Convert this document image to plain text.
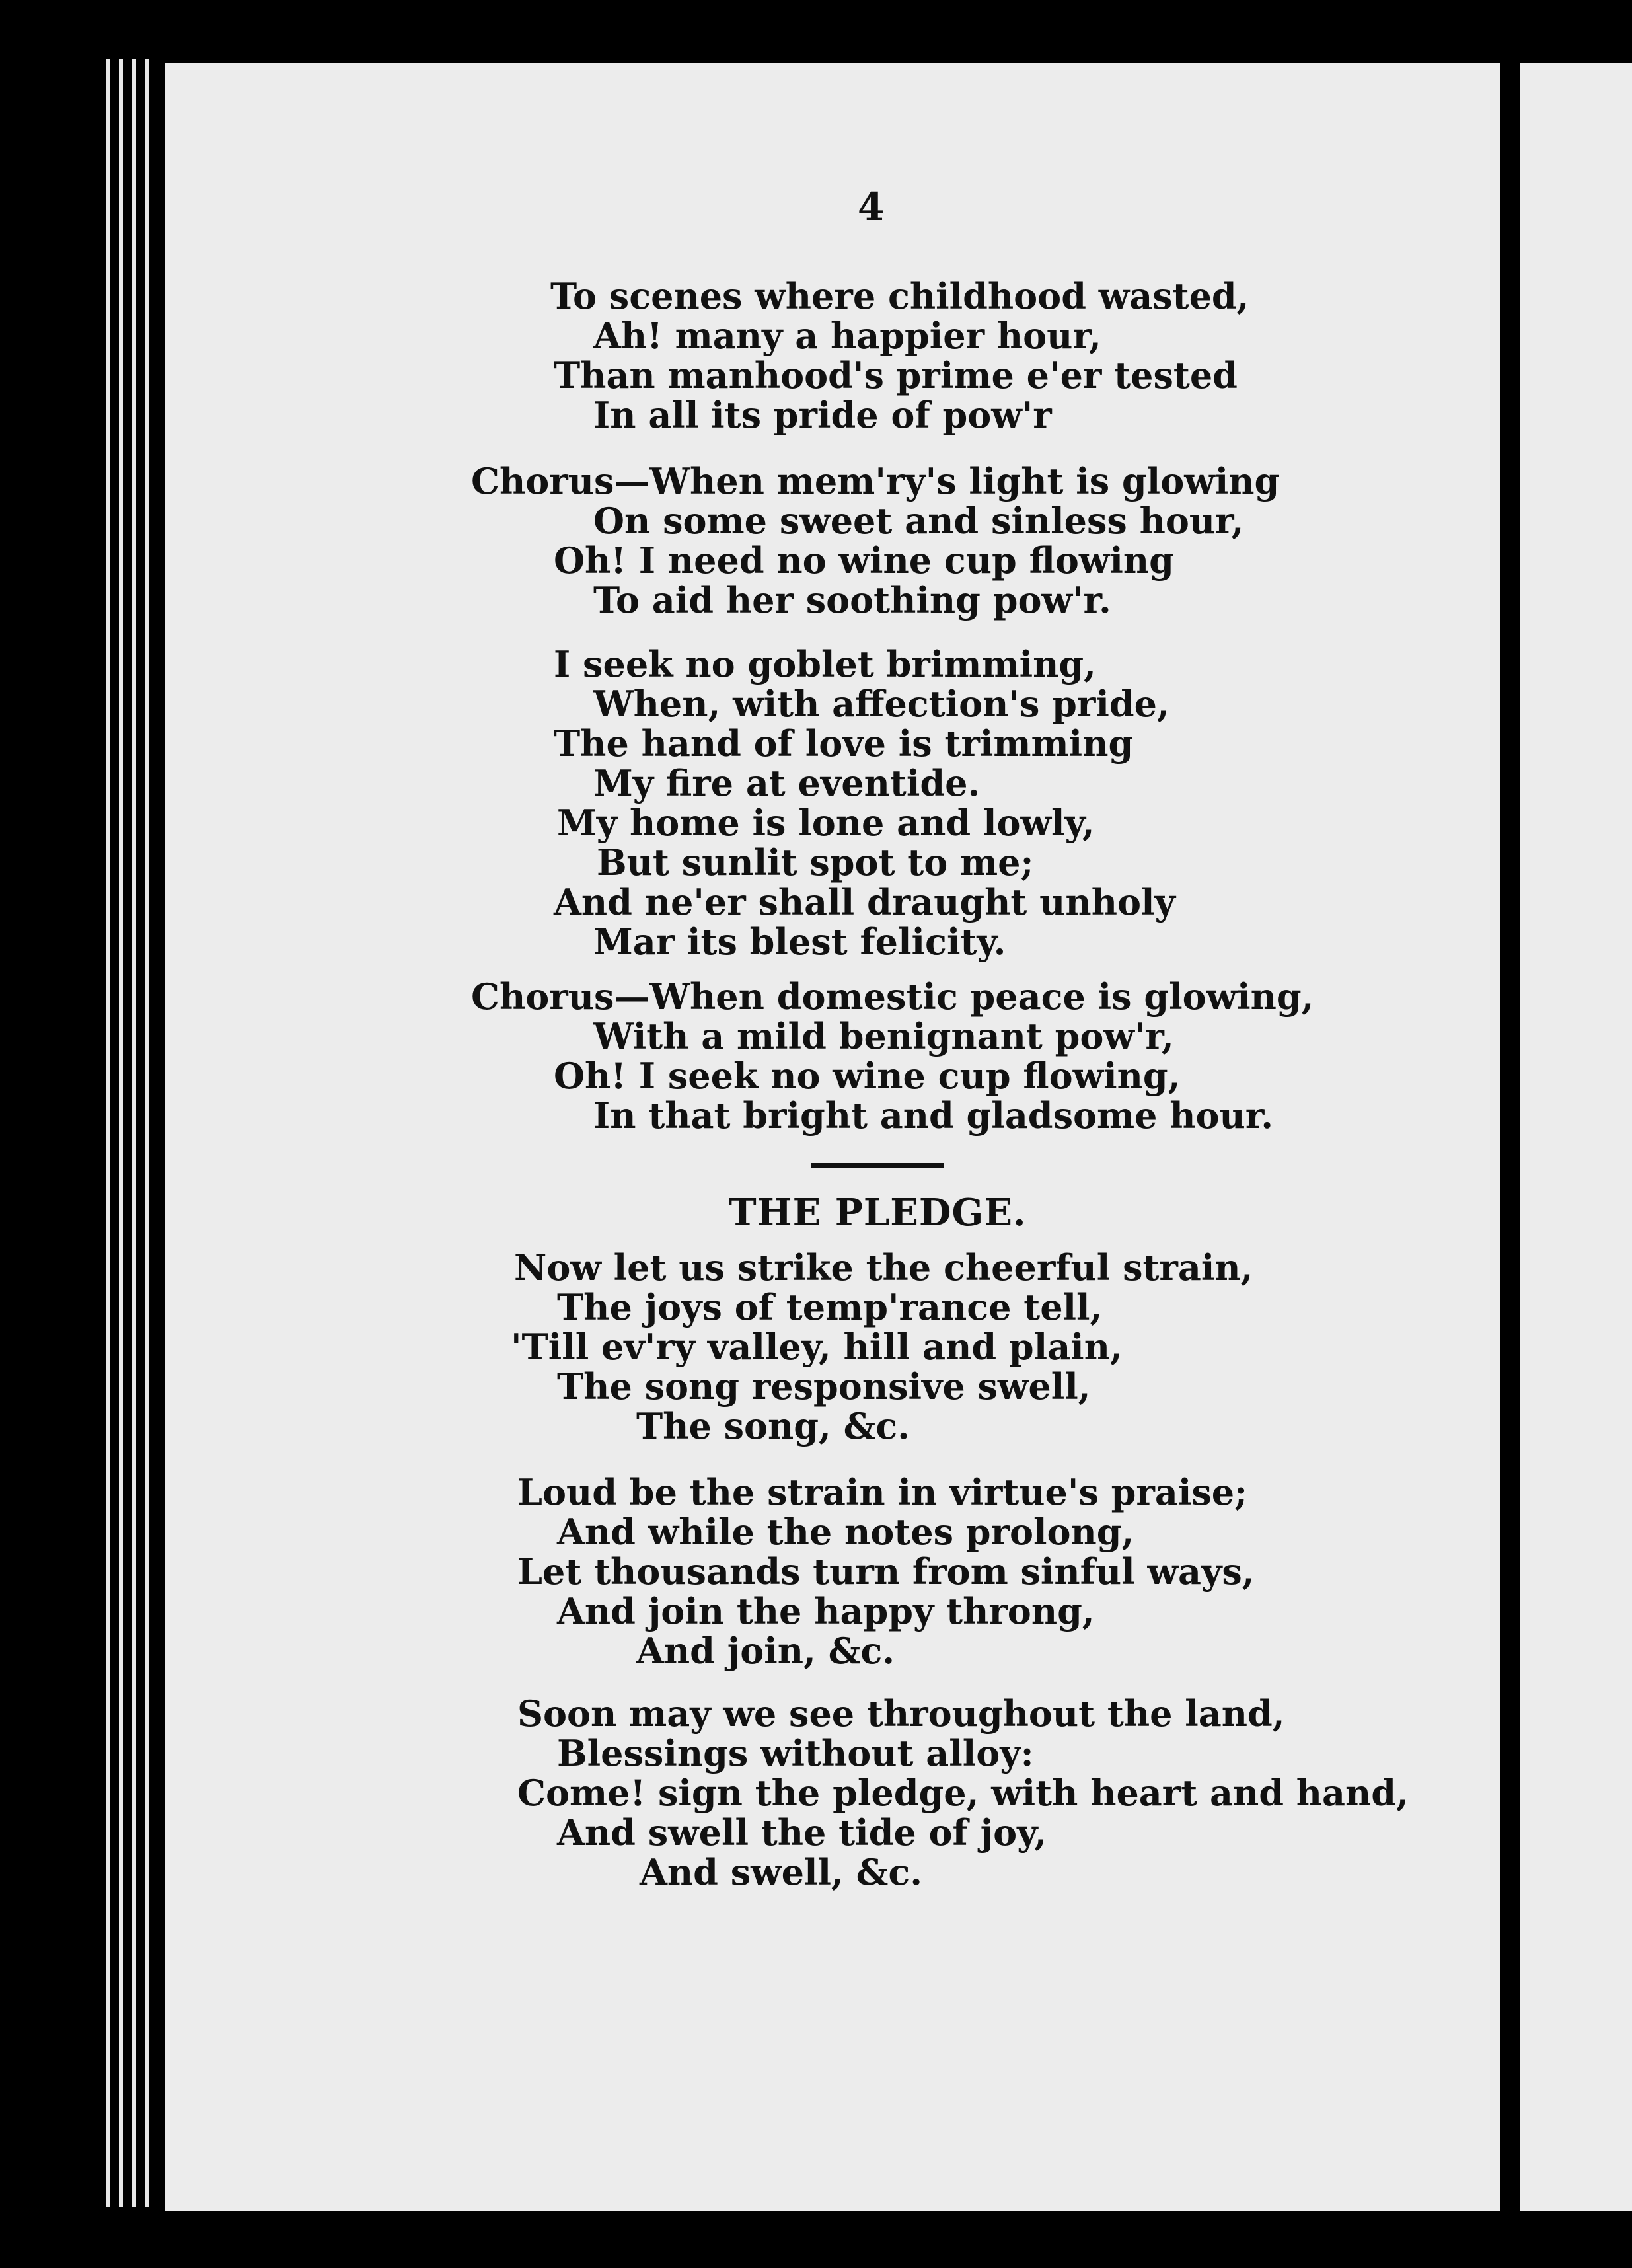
4
To scenes where childhood wasted,
Ah! many a happier hour,
Than manhood's prime e'er tested
In all its pride of pow'r
Chorus—When mem'ry's light is glowing
On some sweet and sinless hour,
Oh! I need no wine cup flowing
To aid her soothing pow'r.
I seek no goblet brimming,
When, with affection's pride,
The hand of love is trimming
My fire at eventide.
My home is lone and lowly,
But sunlit spot to me;
And ne'er shall draught unholy
Mar its blest felicity.
Chorus—When domestic peace is glowing,
With a mild benignant pow'r,
Oh! I seek no wine cup flowing,
In that bright and gladsome hour.
THE PLEDGE.
Now let us strike the cheerful strain,
The joys of temp'rance tell,
'Till ev'ry valley, hill and plain,
The song responsive swell,
The song, &c.
Loud be the strain in virtue's praise;
And while the notes prolong,
Let thousands turn from sinful ways,
And join the happy throng,
And join, &c.
Soon may we see throughout the land,
Blessings without alloy:
Come! sign the pledge, with heart and hand,
And swell the tide of joy,
And swell, &c.
